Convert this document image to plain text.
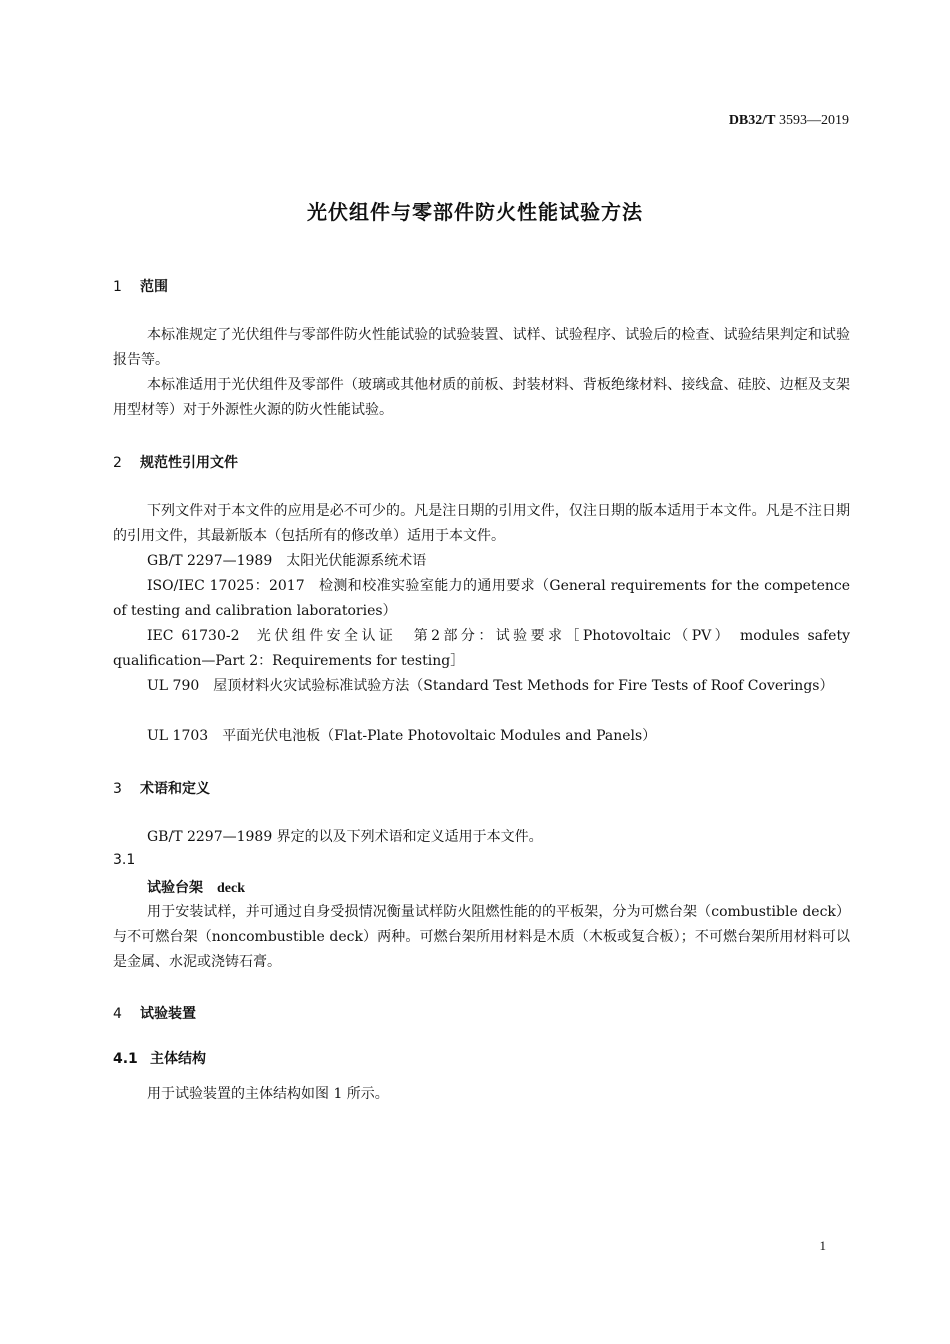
DB32/T 3593—2019
光伏组件与零部件防火性能试验方法
1 范围

本标准规定了光伏组件与零部件防火性能试验的试验装置、试样、试验程序、试验后的检查、试验结果判定和试验报告等。

本标准适用于光伏组件及零部件（玻璃或其他材质的前板、封装材料、背板绝缘材料、接线盒、硅胶、边框及支架用型材等）对于外源性火源的防火性能试验。

2 规范性引用文件

下列文件对于本文件的应用是必不可少的。凡是注日期的引用文件，仅注日期的版本适用于本文件。凡是不注日期的引用文件，其最新版本（包括所有的修改单）适用于本文件。

GB/T 2297—1989 太阳光伏能源系统术语

ISO/IEC 17025：2017 检测和校准实验室能力的通用要求（General requirements for the competence of testing and calibration laboratories）

IEC 61730-2 光伏组件安全认证　第2部分：试验要求［Photovoltaic（PV） modules safety qualification—Part 2：Requirements for testing］

UL 790 屋顶材料火灾试验标准试验方法（Standard Test Methods for Fire Tests of Roof Coverings）

UL 1703 平面光伏电池板（Flat-Plate Photovoltaic Modules and Panels）

3 术语和定义

GB/T 2297—1989 界定的以及下列术语和定义适用于本文件。

3.1
试验台架 deck

用于安装试样，并可通过自身受损情况衡量试样防火阻燃性能的的平板架，分为可燃台架（combustible deck）与不可燃台架（noncombustible deck）两种。可燃台架所用材料是木质（木板或复合板）；不可燃台架所用材料可以是金属、水泥或浇铸石膏。

4 试验装置
4.1 主体结构

用于试验装置的主体结构如图 1 所示。

1
